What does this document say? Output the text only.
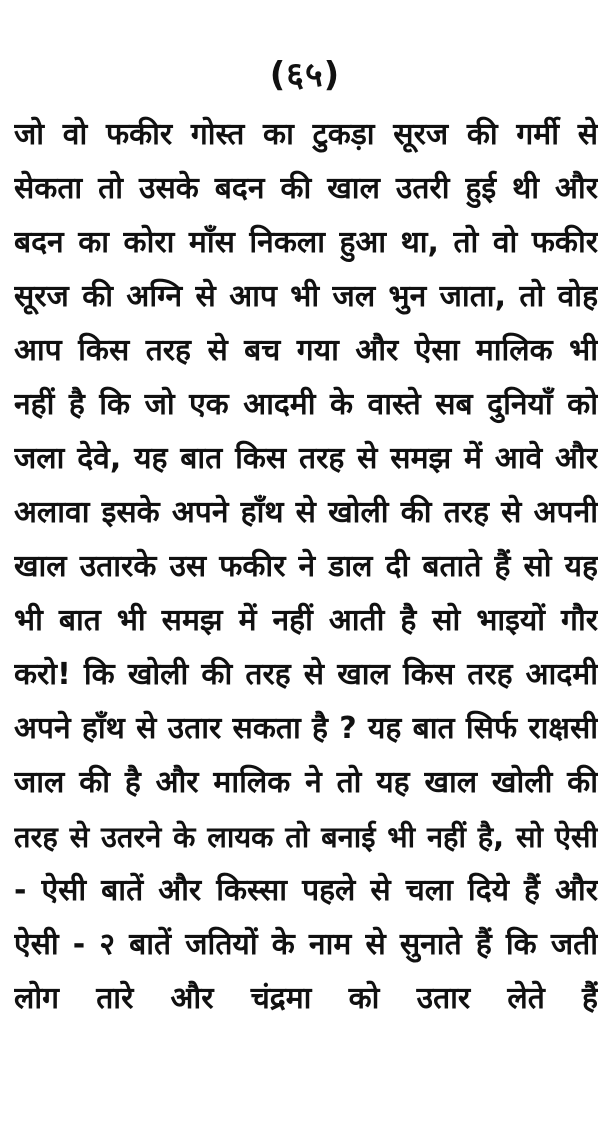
(६५)
जो वो फकीर गोस्त का टुकड़ा सूरज की गर्मी से
सेकता तो उसके बदन की खाल उतरी हुई थी और
बदन का कोरा माँस निकला हुआ था, तो वो फकीर
सूरज की अग्नि से आप भी जल भुन जाता, तो वोह
आप किस तरह से बच गया और ऐसा मालिक भी
नहीं है कि जो एक आदमी के वास्ते सब दुनियाँ को
जला देवे, यह बात किस तरह से समझ में आवे और
अलावा इसके अपने हाँथ से खोली की तरह से अपनी
खाल उतारके उस फकीर ने डाल दी बताते हैं सो यह
भी बात भी समझ में नहीं आती है सो भाइयों गौर
करो! कि खोली की तरह से खाल किस तरह आदमी
अपने हाँथ से उतार सकता है ? यह बात सिर्फ राक्षसी
जाल की है और मालिक ने तो यह खाल खोली की
तरह से उतरने के लायक तो बनाई भी नहीं है, सो ऐसी
- ऐसी बातें और किस्सा पहले से चला दिये हैं और
ऐसी - २ बातें जतियों के नाम से सुनाते हैं कि जती
लोग तारे और चंद्रमा को उतार लेते हैं
